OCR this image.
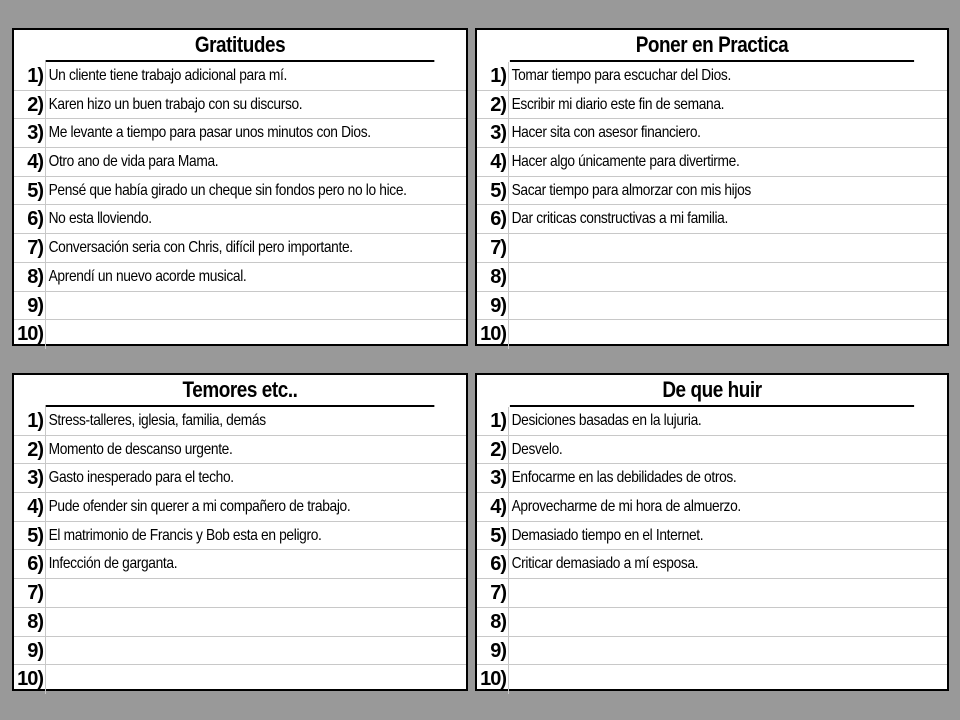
Gratitudes
1) Un cliente tiene trabajo adicional para mí.
2) Karen hizo un buen trabajo con su discurso.
3) Me levante a tiempo para pasar unos minutos con Dios.
4) Otro ano de vida para Mama.
5) Pensé que había girado un cheque sin fondos pero no lo hice.
6) No esta lloviendo.
7) Conversación seria con Chris, difícil pero importante.
8) Aprendí un nuevo acorde musical.
9)
10)
Poner en Practica
1) Tomar tiempo para escuchar del Dios.
2) Escribir mi diario este fin de semana.
3) Hacer sita con asesor financiero.
4) Hacer algo únicamente para divertirme.
5) Sacar tiempo para almorzar con mis hijos
6) Dar criticas constructivas a mi familia.
7)
8)
9)
10)
Temores etc..
1) Stress-talleres, iglesia, familia, demás
2) Momento de descanso urgente.
3) Gasto inesperado para el techo.
4) Pude ofender sin querer a mi compañero de trabajo.
5) El matrimonio de Francis y Bob esta en peligro.
6) Infección de garganta.
7)
8)
9)
10)
De que huir
1) Desiciones basadas en la lujuria.
2) Desvelo.
3) Enfocarme en las debilidades de otros.
4) Aprovecharme de mi hora de almuerzo.
5) Demasiado tiempo en el Internet.
6) Criticar demasiado a mí esposa.
7)
8)
9)
10)
